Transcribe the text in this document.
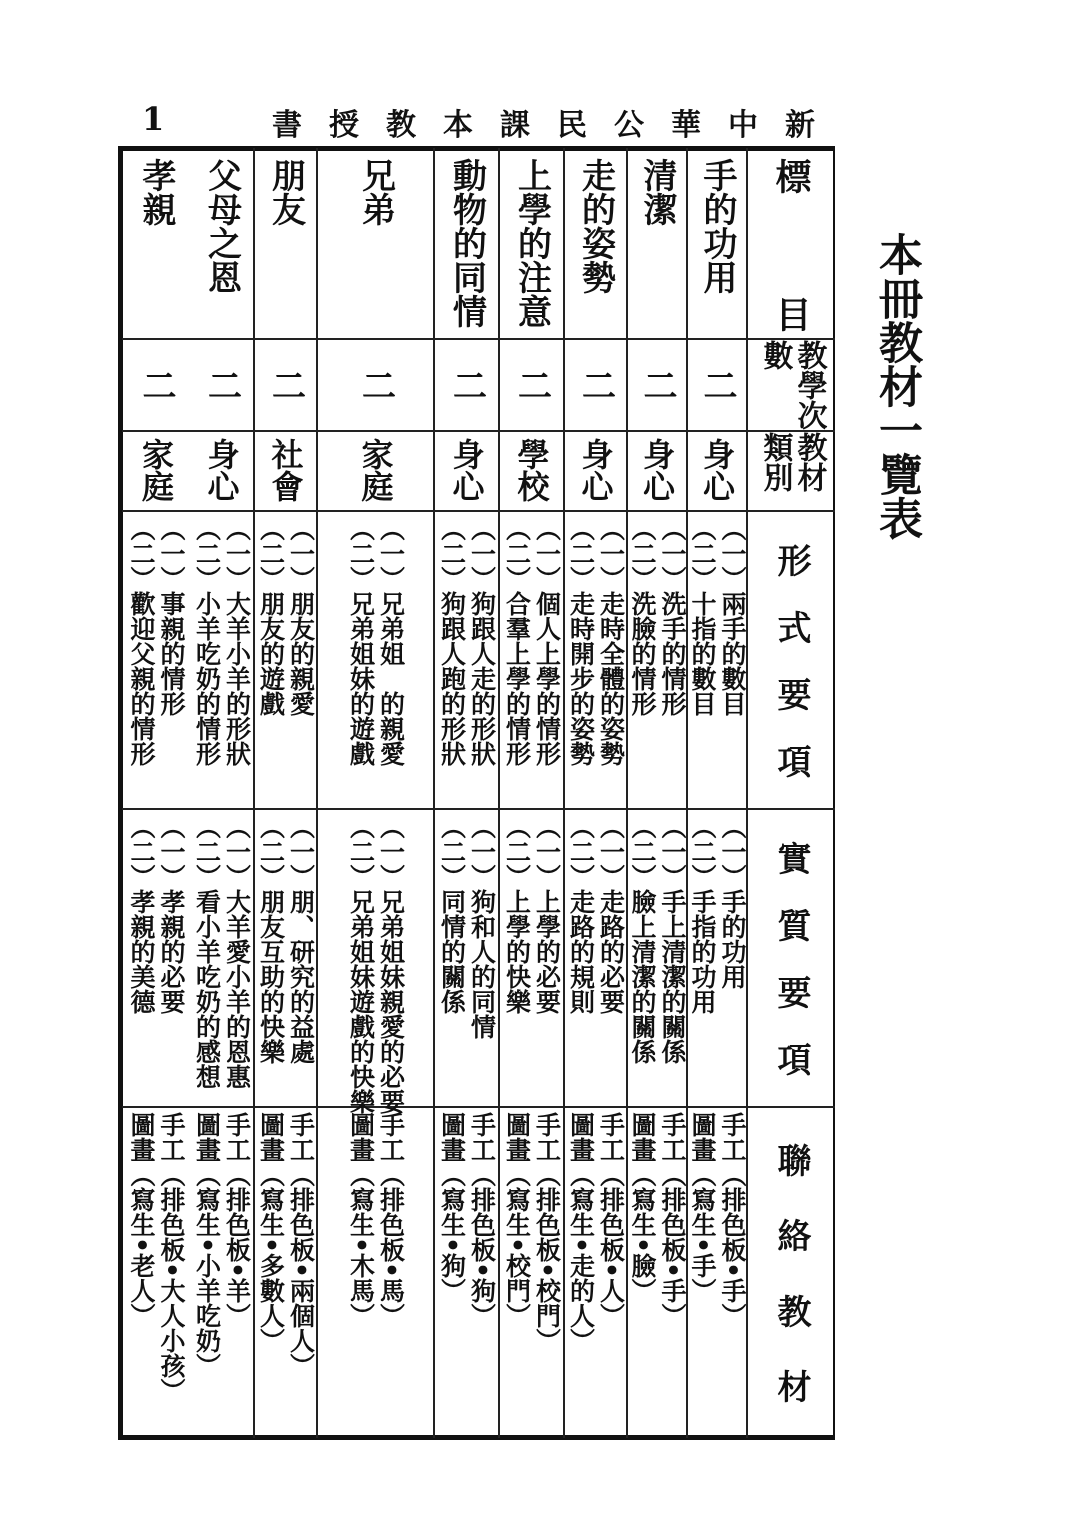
1	新中華公民課本教授書
本冊教材一覽表
標
目
教學次數
教材類別
形
式
要
項
實
質
要
項
聯
絡
教
材
手的功用
二
身心
（一）兩手的數目
（二）十指的數目
（一）手的功用
（二）手指的功用
手工（排色板•手）
圖畫（寫生•手）
清潔
二
身心
（一）洗手的情形
（二）洗臉的情形
（一）手上清潔的關係
（二）臉上清潔的關係
手工（排色板•手）
圖畫（寫生•臉）
走的姿勢
二
身心
（一）走時全體的姿勢
（二）走時開步的姿勢
（一）走路的必要
（二）走路的規則
手工（排色板•人）
圖畫（寫生•走的人）
上學的注意
二
學校
（一）個人上學的情形
（二）合羣上學的情形
（一）上學的必要
（二）上學的快樂
手工（排色板•校門）
圖畫（寫生•校門）
動物的同情
二
身心
（一）狗跟人走的形狀
（二）狗跟人跑的形狀
（一）狗和人的同情
（二）同情的關係
手工（排色板•狗）
圖畫（寫生•狗）
兄弟
二
家庭
（一）兄弟姐　的親愛
（二）兄弟姐妹的遊戲
（一）兄弟姐妹親愛的必要
（二）兄弟姐妹遊戲的快樂
手工（排色板•馬）
圖畫（寫生•木馬）
朋友
二
社會
（一）朋友的親愛
（二）朋友的遊戲
（一）朋、研究的益處
（二）朋友互助的快樂
手工（排色板•兩個人）
圖畫（寫生•多數人）
父母之恩
二
身心
（一）大羊小羊的形狀
（二）小羊吃奶的情形
（一）大羊愛小羊的恩惠
（二）看小羊吃奶的感想
手工（排色板•羊）
圖畫（寫生•小羊吃奶）
孝親
二
家庭
（一）事親的情形
（二）歡迎父親的情形
（一）孝親的必要
（二）孝親的美德
手工（排色板•大人小孩）
圖畫（寫生•老人）
